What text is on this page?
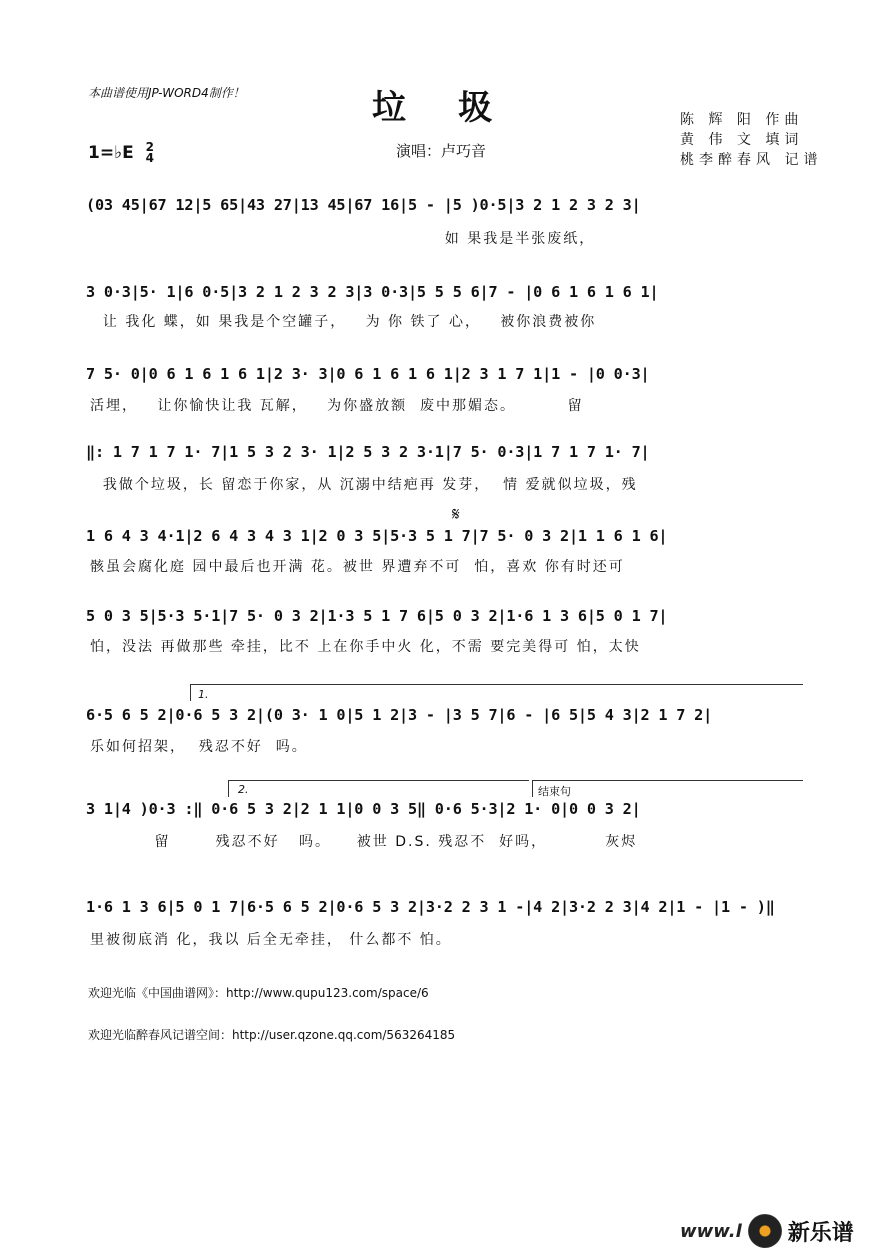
本曲谱使用JP-WORD4制作！	垃圾
1=♭E 2
4	演唱：卢巧音
陈 辉 阳 作曲
黄 伟 文 填词
桃李醉春风 记谱
(03 45|67 12|5 65|43 27|13 45|67 16|5 - |5 )0·5|3 2 1 2 3 2 3|
如 果我是半张废纸，
3 0·3|5· 1|6 0·5|3 2 1 2 3 2 3|3 0·3|5 5 5 6|7 - |0 6 1 6 1 6 1|
让 我化 蝶，如 果我是个空罐子，   为 你 铁了 心，   被你浪费被你
7 5· 0|0 6 1 6 1 6 1|2 3· 3|0 6 1 6 1 6 1|2 3 1 7 1|1 - |0 0·3|
活埋，   让你愉快让我 瓦解，   为你盛放额  废中那媚态。        留
‖: 1 7 1 7 1· 7|1 5 3 2 3· 1|2 5 3 2 3·1|7 5· 0·3|1 7 1 7 1· 7|
我做个垃圾，长 留恋于你家，从 沉溺中结疤再 发芽，  情 爱就似垃圾，残
𝄋
1 6 4 3 4·1|2 6 4 3 4 3 1|2 0 3 5|5·3 5 1 7|7 5· 0 3 2|1 1 6 1 6|
骸虽会腐化庭 园中最后也开满 花。被世 界遭弃不可  怕，喜欢 你有时还可
5 0 3 5|5·3 5·1|7 5· 0 3 2|1·3 5 1 7 6|5 0 3 2|1·6 1 3 6|5 0 1 7|
怕，没法 再做那些 牵挂，比不 上在你手中火 化，不需 要完美得可 怕，太快
1.
6·5 6 5 2|0·6 5 3 2|(0 3· 1 0|5 1 2|3 - |3 5 7|6 - |6 5|5 4 3|2 1 7 2|
乐如何招架，  残忍不好  吗。
2.	结束句
3 1|4 )0·3 :‖ 0·6 5 3 2|2 1 1|0 0 3 5‖ 0·6 5·3|2 1· 0|0 0 3 2|
留       残忍不好   吗。    被世 D.S. 残忍不  好吗，         灰烬
1·6 1 3 6|5 0 1 7|6·5 6 5 2|0·6 5 3 2|3·2 2 3 1 -|4 2|3·2 2 3|4 2|1 - |1 - )‖
里被彻底消 化，我以 后全无牵挂， 什么都不 怕。
欢迎光临《中国曲谱网》：http://www.qupu123.com/space/6
欢迎光临醉春风记谱空间：http://user.qzone.qq.com/563264185
www.l 新乐谱
